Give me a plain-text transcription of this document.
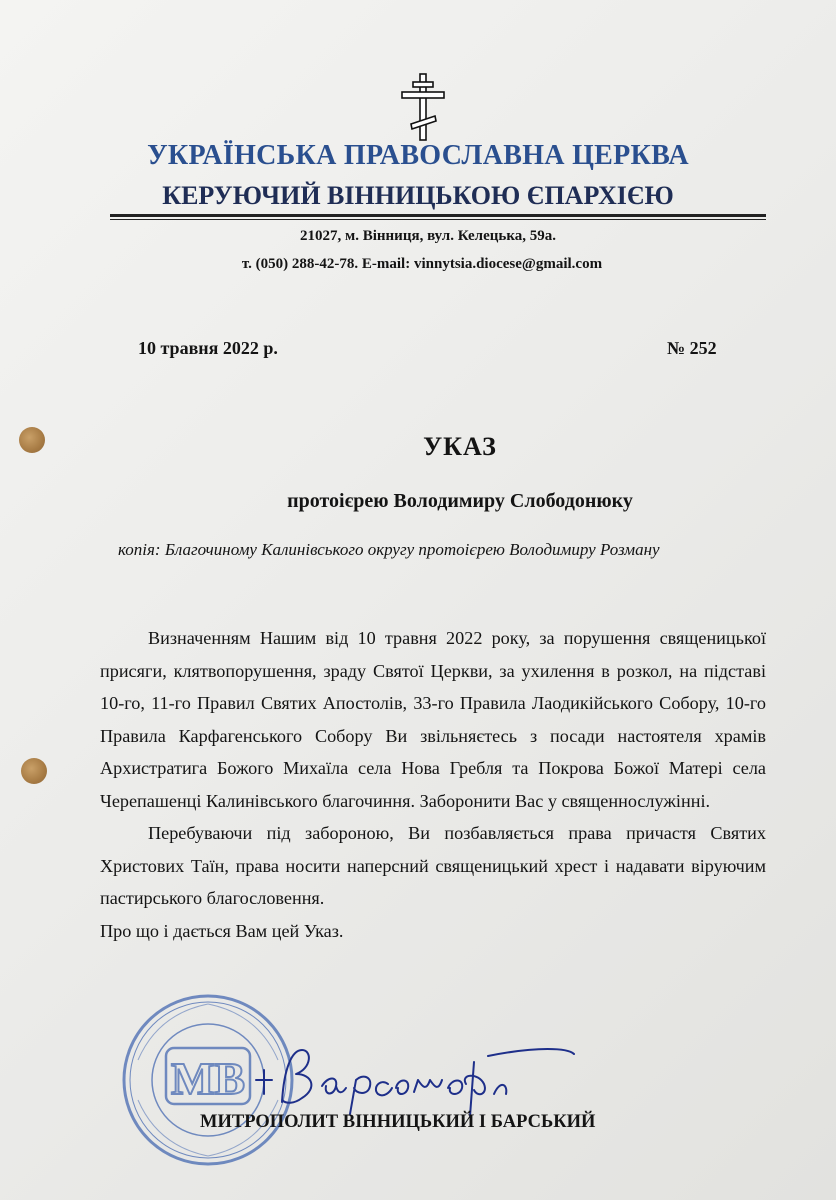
УКРАЇНСЬКА ПРАВОСЛАВНА ЦЕРКВА
КЕРУЮЧИЙ ВІННИЦЬКОЮ ЄПАРХІЄЮ
21027, м. Вінниця, вул. Келецька, 59а.
т. (050) 288-42-78. E-mail: vinnytsia.diocese@gmail.com
10 травня 2022 р.	№ 252
УКАЗ
протоієрею Володимиру Слободонюку
копія: Благочиному Калинівського округу протоієрею Володимиру Розману

Визначенням Нашим від 10 травня 2022 року, за порушення священицької присяги, клятвопорушення, зраду Святої Церкви, за ухилення в розкол, на підставі 10-го, 11-го Правил Святих Апостолів, 33-го Правила Лаодикійського Собору, 10-го Правила Карфагенського Собору Ви звільняєтесь з посади настоятеля храмів Архистратига Божого Михаїла села Нова Гребля та Покрова Божої Матері села Черепашенці Калинівського благочиння. Заборонити Вас у священнослужінні.

Перебуваючи під забороною, Ви позбавляється права причастя Святих Христових Таїн, права носити наперсний священицький хрест і надавати віруючим пастирського благословення.

Про що і дається Вам цей Указ.

МВ
МИТРОПОЛИТ ВІННИЦЬКИЙ І БАРСЬКИЙ
